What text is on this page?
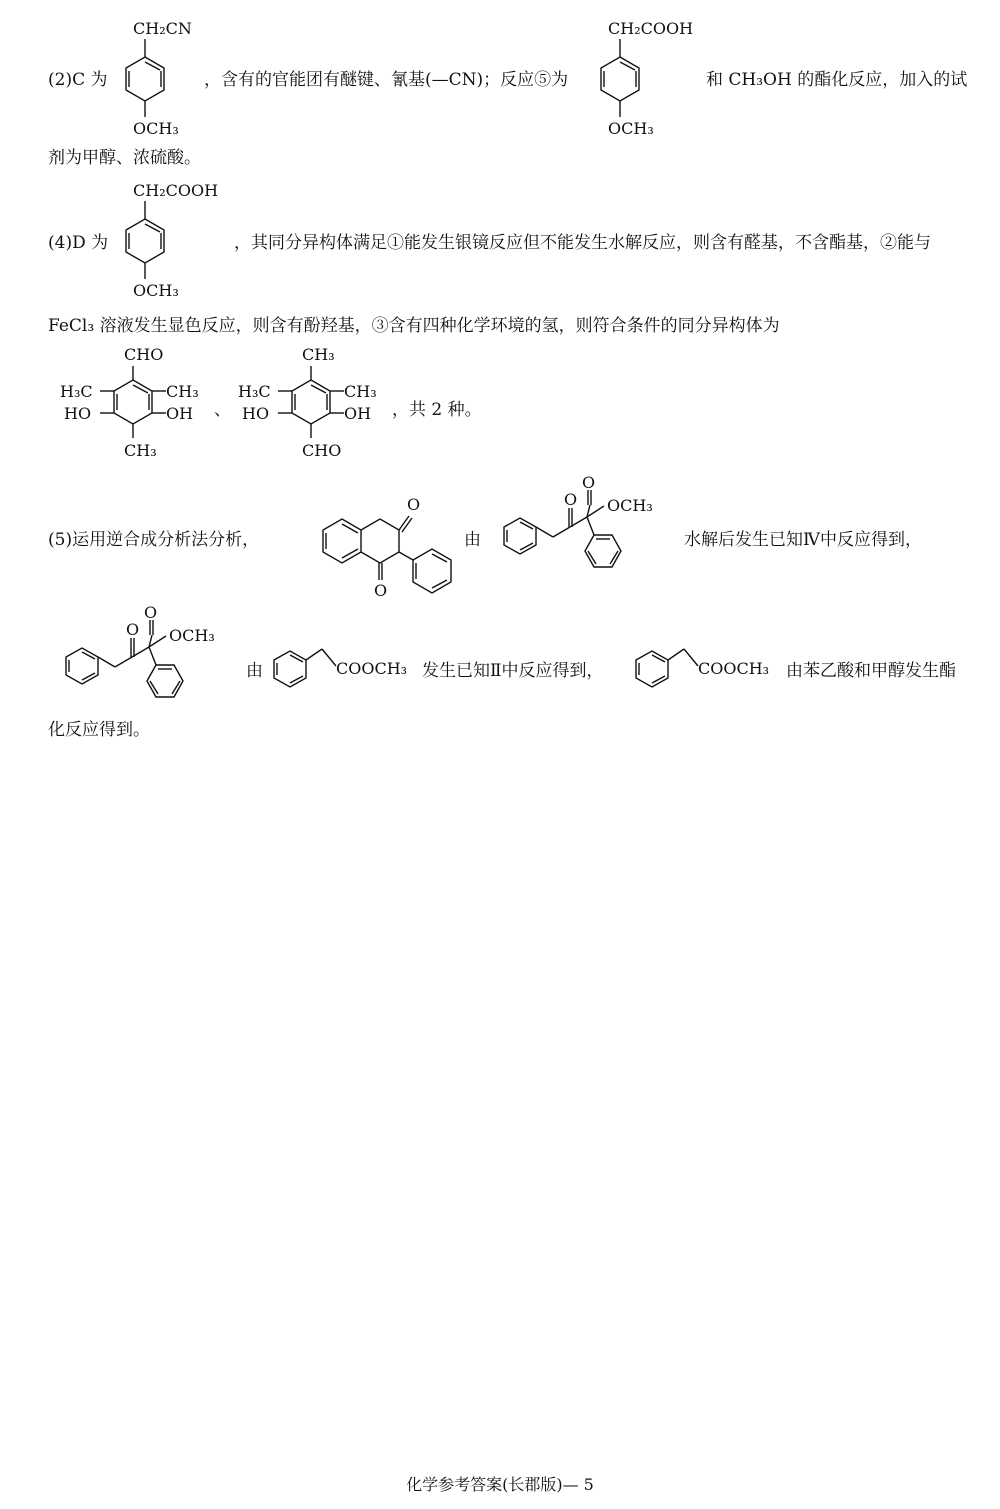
(2)C 为
CH₂CN
OCH₃
，含有的官能团有醚键、氰基(—CN)；反应⑤为
CH₂COOH
OCH₃
和 CH₃OH 的酯化反应，加入的试
剂为甲醇、浓硫酸。
(4)D 为
CH₂COOH
OCH₃
，其同分异构体满足①能发生银镜反应但不能发生水解反应，则含有醛基，不含酯基，②能与
FeCl₃ 溶液发生显色反应，则含有酚羟基，③含有四种化学环境的氢，则符合条件的同分异构体为
CHO
H₃C	CH₃
HO	OH
CH₃
、
CH₃
H₃C	CH₃
HO	OH
CHO
，共 2 种。
(5)运用逆合成分析法分析，
O
O
由
O
O
OCH₃
水解后发生已知Ⅳ中反应得到，
O
O
OCH₃
由	COOCH₃ 发生已知Ⅱ中反应得到，	COOCH₃ 由苯乙酸和甲醇发生酯
化反应得到。
化学参考答案(长郡版)— 5
